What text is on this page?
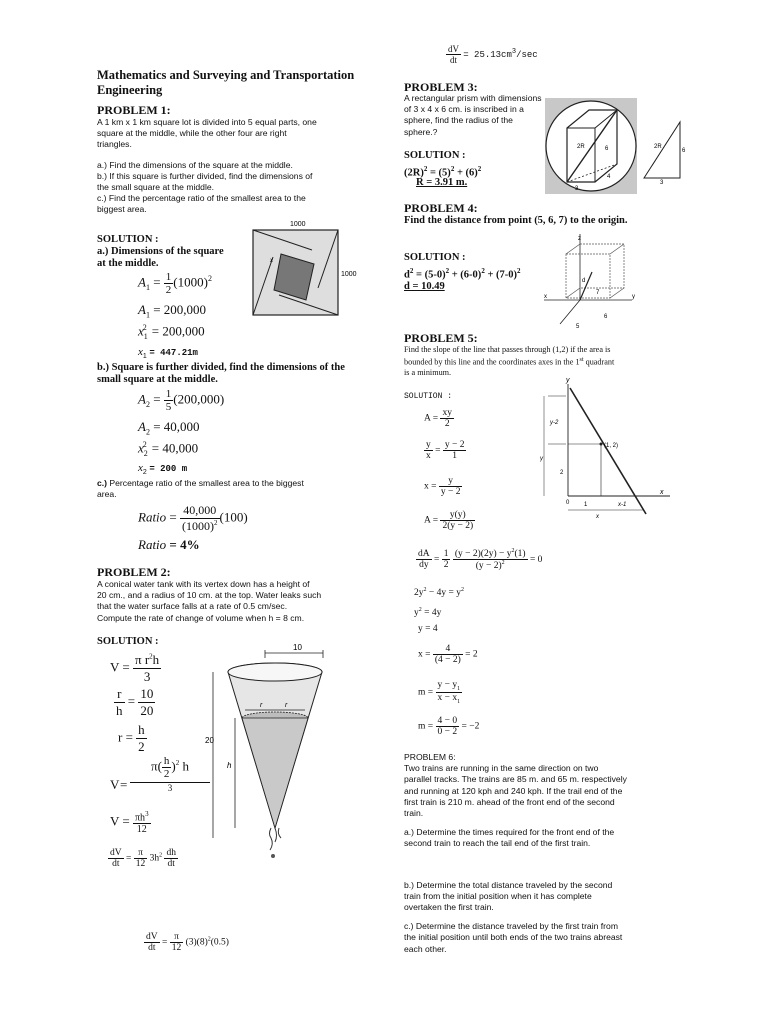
Mathematics and Surveying and Transportation
Engineering
PROBLEM 1:
A 1 km x 1 km square lot is divided into 5 equal parts, one
square at the middle, while the other four are right
triangles.
a.) Find the dimensions of the square at the middle.
b.) If this square is further divided, find the dimensions of
the small square at the middle.
c.) Find the percentage ratio of the smallest area to the
biggest area.
1000
x
1000
SOLUTION :
a.) Dimensions of the square
at the middle.
$A_1 = \frac{1}{2} (1000)^2$
$A_1 = 200,000$
$x_1^2 = 200,000$
$x_1 = 447.21m$
b.) Square is further divided, find the dimensions of the
small square at the middle.
$A_2 = \frac{1}{5} (200,000)$
$A_2 = 40,000$
$x_2^2 = 40,000$
$x_2 = 200$ m
c.) Percentage ratio of the smallest area to the biggest
area.
Ratio = $\frac{40,000}{(1000)^2} (100)$
Ratio = 4%
PROBLEM 2:
A conical water tank with its vertex down has a height of
20 cm., and a radius of 10 cm. at the top. Water leaks such
that the water surface falls at a rate of 0.5 cm/sec.
Compute the rate of change of volume when h = 8 cm.
SOLUTION :
$V = \frac{\pi r^2h}{3}$
$\frac{r}{h} = \frac{10}{20}$
$r = \frac{h}{2}$
$\pi( \frac{h}{2} )^2$ h
3
V =
$V = \frac{\pi h^3}{12}$
$\frac{dV}{dt} = \frac{\pi}{12} 3h^2 \frac{dh}{dt}$
$\frac{dV}{dt} = \frac{\pi}{12} (3)(8)^2(0.5)$
10
r	r
20
h
$\frac{dV}{dt} = 25.13cm^3/\sec$
PROBLEM 3:
A rectangular prism with dimensions
of 3 x 4 x 6 cm. is inscribed in a
sphere, find the radius of the
sphere.?
2R	6
3
4
2R
6
3
SOLUTION :
$(2R)^2 = (5)^2 + (6)^2$
R = 3.91 m.
PROBLEM 4:
Find the distance from point (5, 6, 7) to the origin.
SOLUTION :
$d^2 = (5-0)^2 + (6-0)^2 + (7-0)^2$
d = 10.49
z
x	y
d
7
5
6
PROBLEM 5:
Find the slope of the line that passes through (1,2) if the area is
bounded by this line and the coordinates axes in the 1st quadrant
is a minimum.
SOLUTION :
$A = \frac{xy}{2}$
$\frac{y}{x} = \frac{y - 2}{1}$
$x = \frac{y}{y - 2}$
$A = \frac{y(y)}{2(y - 2)}$
$\frac{dA}{dy} = \frac{1}{2}$
$\frac{(y - 2)(2y) - y^2(1)}{(y - 2)^2} = 0$
$2y^2 - 4y = y^2$
$y^2 = 4y$
y = 4
$x = \frac{4}{(4 - 2)} = 2$
$m = \frac{y - y_1}{x - x_1}$
$m = \frac{4 - 0}{0 - 2} = -2$
y
x
(1, 2)
y-2
y
2
0 1	x-1
x
PROBLEM 6:
Two trains are running in the same direction on two
parallel tracks. The trains are 85 m. and 65 m. respectively
and running at 120 kph and 240 kph. If the trail end of the
first train is 210 m. ahead of the front end of the second
train.
a.) Determine the times required for the front end of the
second train to reach the tail end of the first train.
b.) Determine the total distance traveled by the second
train from the initial position when it has complete
overtaken the first train.
c.) Determine the distance traveled by the first train from
the initial position until both ends of the two trains abreast
each other.
